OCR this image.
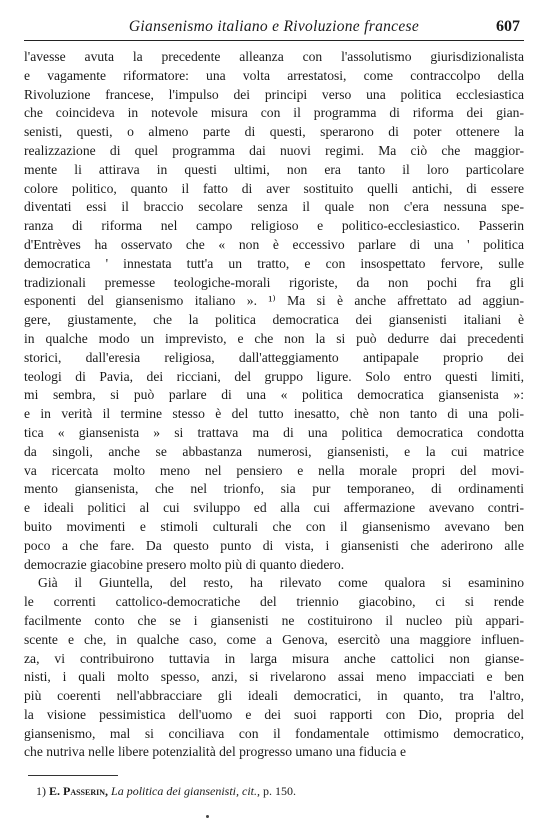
Giansenismo italiano e Rivoluzione francese	607
l'avesse avuta la precedente alleanza con l'assolutismo giurisdizionalista
e vagamente riformatore: una volta arrestatosi, come contraccolpo della
Rivoluzione francese, l'impulso dei principi verso una politica ecclesiastica
che coincideva in notevole misura con il programma di riforma dei gian-
senisti, questi, o almeno parte di questi, sperarono di poter ottenere la
realizzazione di quel programma dai nuovi regimi. Ma ciò che maggior-
mente li attirava in questi ultimi, non era tanto il loro particolare
colore politico, quanto il fatto di aver sostituito quelli antichi, di essere
diventati essi il braccio secolare senza il quale non c'era nessuna spe-
ranza di riforma nel campo religioso e politico-ecclesiastico. Passerin
d'Entrèves ha osservato che « non è eccessivo parlare di una ' politica
democratica ' innestata tutt'a un tratto, e con insospettato fervore, sulle
tradizionali premesse teologiche-morali rigoriste, da non pochi fra gli
esponenti del giansenismo italiano ». ¹⁾ Ma si è anche affrettato ad aggiun-
gere, giustamente, che la politica democratica dei giansenisti italiani è
in qualche modo un imprevisto, e che non la si può dedurre dai precedenti
storici, dall'eresia religiosa, dall'atteggiamento antipapale proprio dei
teologi di Pavia, dei ricciani, del gruppo ligure. Solo entro questi limiti,
mi sembra, si può parlare di una « politica democratica giansenista »:
e in verità il termine stesso è del tutto inesatto, chè non tanto di una poli-
tica « giansenista » si trattava ma di una politica democratica condotta
da singoli, anche se abbastanza numerosi, giansenisti, e la cui matrice
va ricercata molto meno nel pensiero e nella morale propri del movi-
mento giansenista, che nel trionfo, sia pur temporaneo, di ordinamenti
e ideali politici al cui sviluppo ed alla cui affermazione avevano contri-
buito movimenti e stimoli culturali che con il giansenismo avevano ben
poco a che fare. Da questo punto di vista, i giansenisti che aderirono alle
democrazie giacobine presero molto più di quanto diedero.
Già il Giuntella, del resto, ha rilevato come qualora si esaminino
le correnti cattolico-democratiche del triennio giacobino, ci si rende
facilmente conto che se i giansenisti ne costituirono il nucleo più appari-
scente e che, in qualche caso, come a Genova, esercitò una maggiore influen-
za, vi contribuirono tuttavia in larga misura anche cattolici non gianse-
nisti, i quali molto spesso, anzi, si rivelarono assai meno impacciati e ben
più coerenti nell'abbracciare gli ideali democratici, in quanto, tra l'altro,
la visione pessimistica dell'uomo e dei suoi rapporti con Dio, propria del
giansenismo, mal si conciliava con il fondamentale ottimismo democratico,
che nutriva nelle libere potenzialità del progresso umano una fiducia e
1) E. Passerin, La politica dei giansenisti, cit., p. 150.
